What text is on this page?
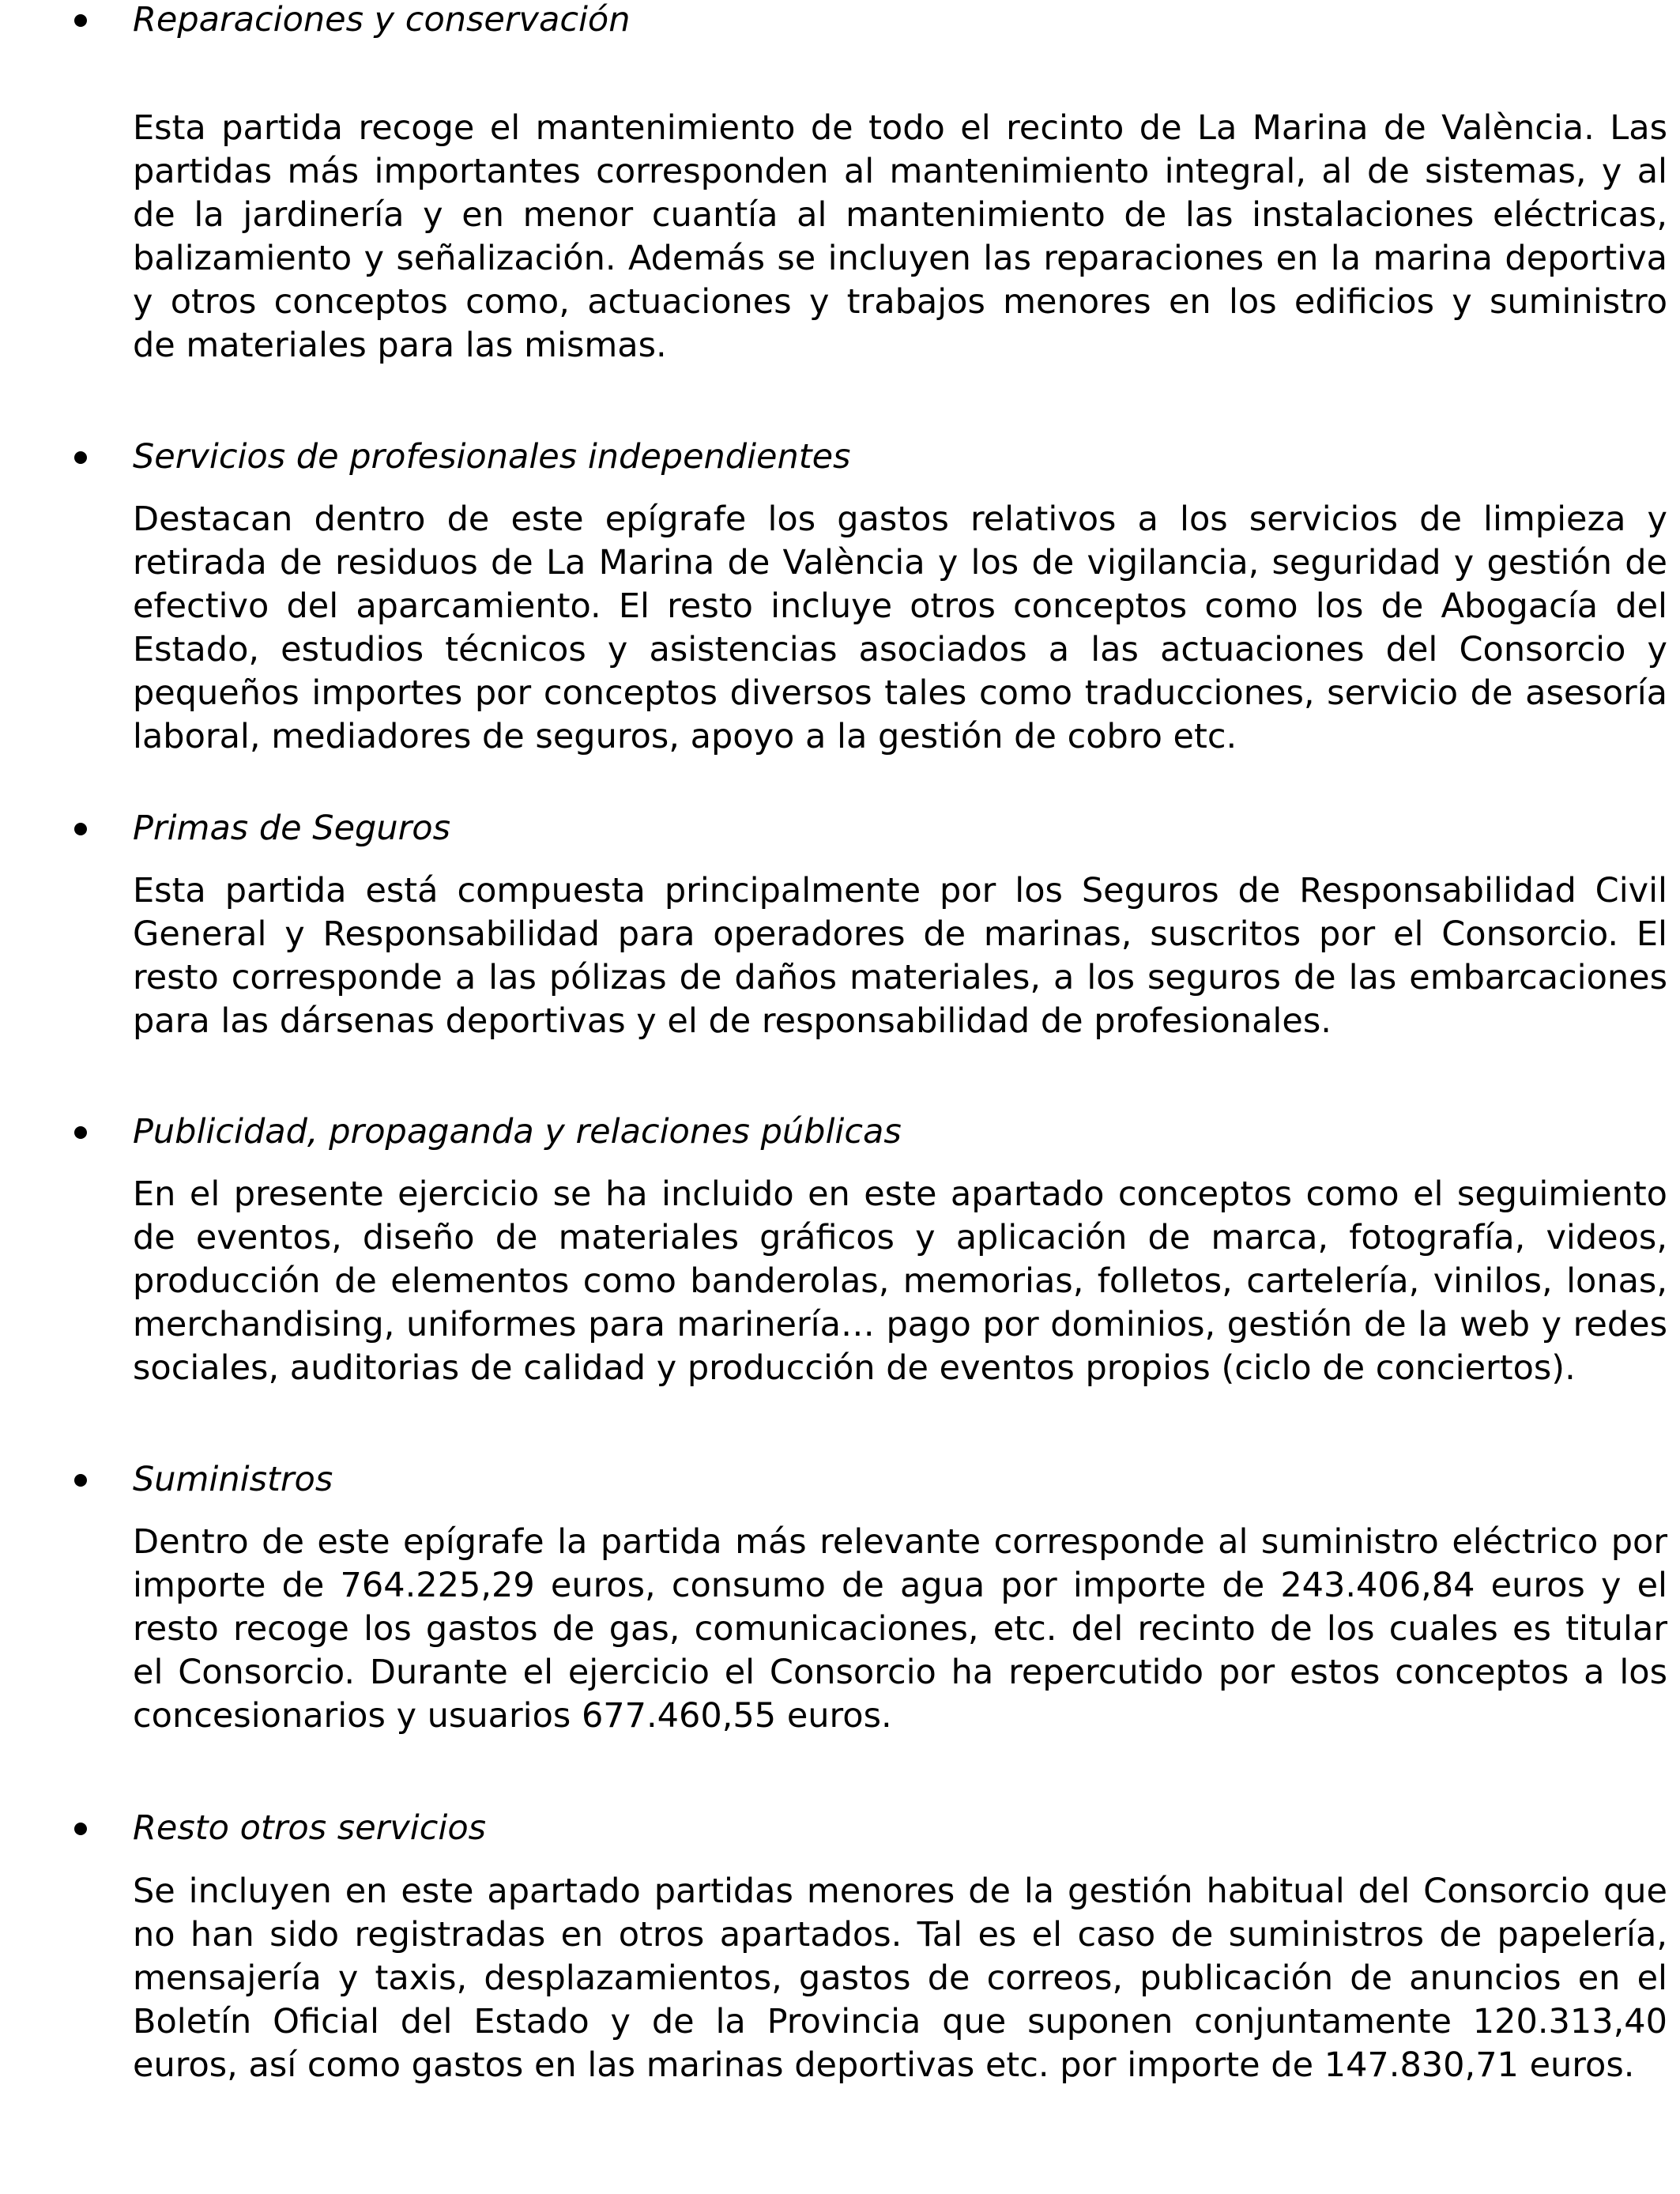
Reparaciones y conservación
Esta partida recoge el mantenimiento de todo el recinto de La Marina de València. Las
partidas más importantes corresponden al mantenimiento integral, al de sistemas, y al
de la jardinería y en menor cuantía al mantenimiento de las instalaciones eléctricas,
balizamiento y señalización. Además se incluyen las reparaciones en la marina deportiva
y otros conceptos como, actuaciones y trabajos menores en los edificios y suministro
de materiales para las mismas.
Servicios de profesionales independientes
Destacan dentro de este epígrafe los gastos relativos a los servicios de limpieza y
retirada de residuos de La Marina de València y los de vigilancia, seguridad y gestión de
efectivo del aparcamiento. El resto incluye otros conceptos como los de Abogacía del
Estado, estudios técnicos y asistencias asociados a las actuaciones del Consorcio y
pequeños importes por conceptos diversos tales como traducciones, servicio de asesoría
laboral, mediadores de seguros, apoyo a la gestión de cobro etc.
Primas de Seguros
Esta partida está compuesta principalmente por los Seguros de Responsabilidad Civil
General y Responsabilidad para operadores de marinas, suscritos por el Consorcio. El
resto corresponde a las pólizas de daños materiales, a los seguros de las embarcaciones
para las dársenas deportivas y el de responsabilidad de profesionales.
Publicidad, propaganda y relaciones públicas
En el presente ejercicio se ha incluido en este apartado conceptos como el seguimiento
de eventos, diseño de materiales gráficos y aplicación de marca, fotografía, videos,
producción de elementos como banderolas, memorias, folletos, cartelería, vinilos, lonas,
merchandising, uniformes para marinería… pago por dominios, gestión de la web y redes
sociales, auditorias de calidad y producción de eventos propios (ciclo de conciertos).
Suministros
Dentro de este epígrafe la partida más relevante corresponde al suministro eléctrico por
importe de 764.225,29 euros, consumo de agua por importe de 243.406,84 euros y el
resto recoge los gastos de gas, comunicaciones, etc. del recinto de los cuales es titular
el Consorcio. Durante el ejercicio el Consorcio ha repercutido por estos conceptos a los
concesionarios y usuarios 677.460,55 euros.
Resto otros servicios
Se incluyen en este apartado partidas menores de la gestión habitual del Consorcio que
no han sido registradas en otros apartados. Tal es el caso de suministros de papelería,
mensajería y taxis, desplazamientos, gastos de correos, publicación de anuncios en el
Boletín Oficial del Estado y de la Provincia que suponen conjuntamente 120.313,40
euros, así como gastos en las marinas deportivas etc. por importe de 147.830,71 euros.
